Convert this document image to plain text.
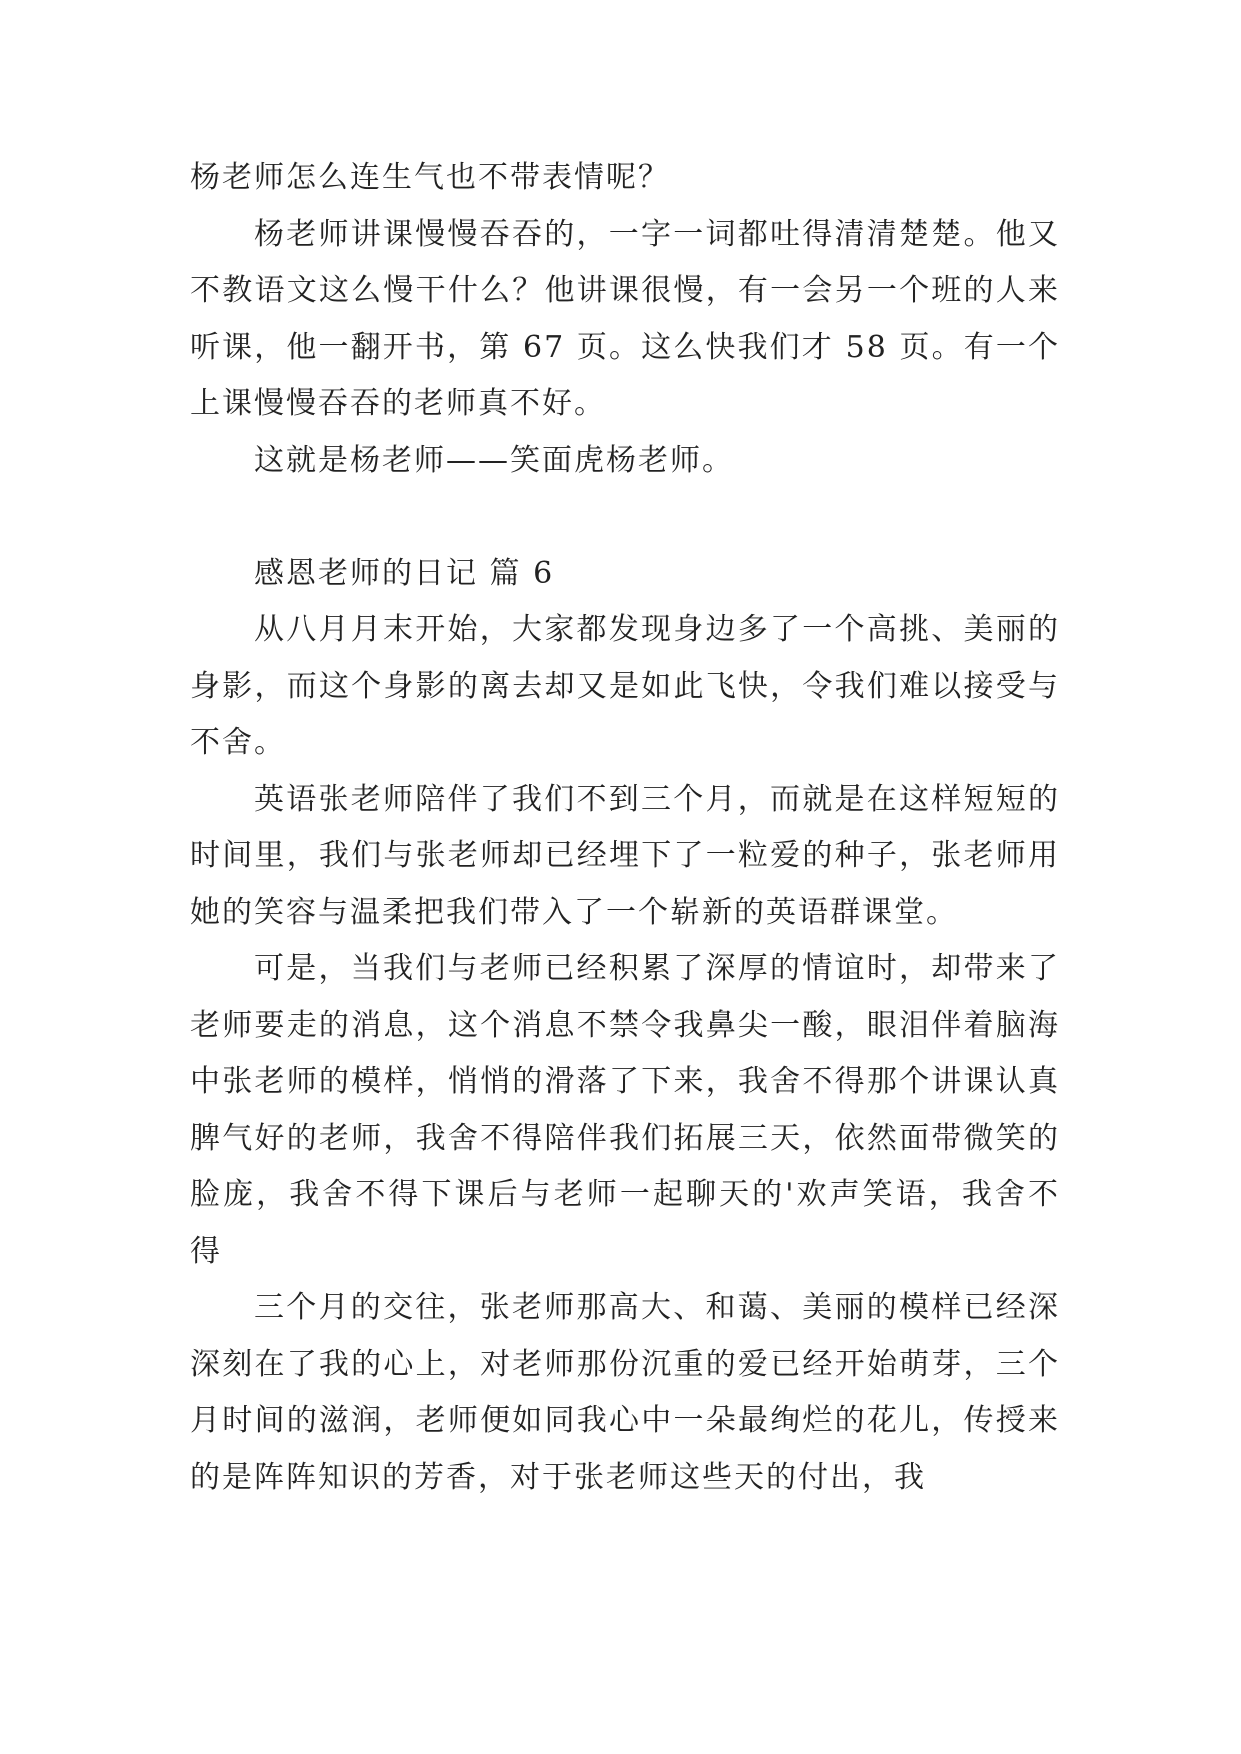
杨老师怎么连生气也不带表情呢？

杨老师讲课慢慢吞吞的，一字一词都吐得清清楚楚。他又不教语文这么慢干什么？他讲课很慢，有一会另一个班的人来听课，他一翻开书，第 67 页。这么快我们才 58 页。有一个上课慢慢吞吞的老师真不好。

这就是杨老师——笑面虎杨老师。

感恩老师的日记 篇 6

从八月月末开始，大家都发现身边多了一个高挑、美丽的身影，而这个身影的离去却又是如此飞快，令我们难以接受与不舍。

英语张老师陪伴了我们不到三个月，而就是在这样短短的时间里，我们与张老师却已经埋下了一粒爱的种子，张老师用她的笑容与温柔把我们带入了一个崭新的英语群课堂。

可是，当我们与老师已经积累了深厚的情谊时，却带来了老师要走的消息，这个消息不禁令我鼻尖一酸，眼泪伴着脑海中张老师的模样，悄悄的滑落了下来，我舍不得那个讲课认真脾气好的老师，我舍不得陪伴我们拓展三天，依然面带微笑的脸庞，我舍不得下课后与老师一起聊天的'欢声笑语，我舍不得

三个月的交往，张老师那高大、和蔼、美丽的模样已经深深刻在了我的心上，对老师那份沉重的爱已经开始萌芽，三个月时间的滋润，老师便如同我心中一朵最绚烂的花儿，传授来的是阵阵知识的芳香，对于张老师这些天的付出，我
